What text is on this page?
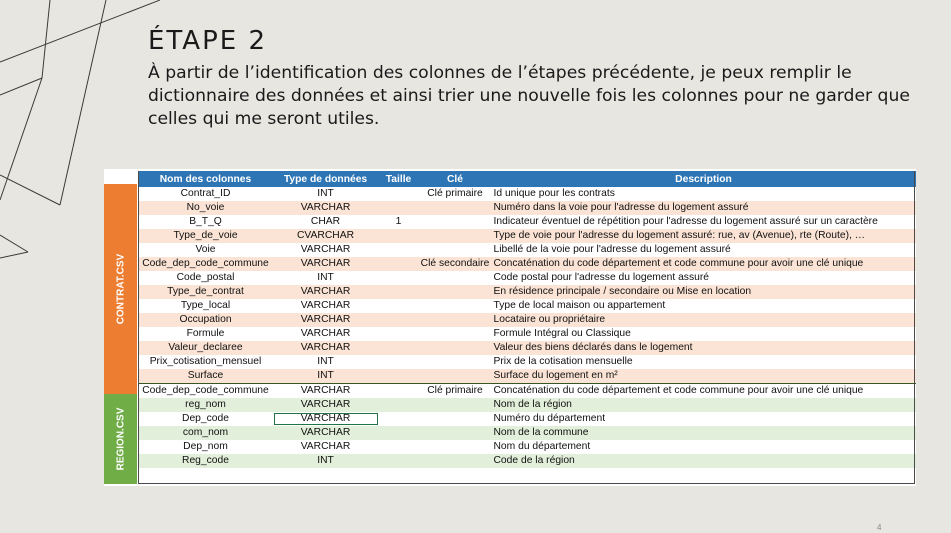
ÉTAPE 2

À partir de l’identification des colonnes de l’étapes précédente, je peux remplir le dictionnaire des données et ainsi trier une nouvelle fois les colonnes pour ne garder que celles qui me seront utiles.

CONTRAT.CSV
REGION.CSV
Nom des colonnes	Type de données	Taille	Clé	Description
Contrat_ID	INT		Clé primaire	Id unique pour les contrats
No_voie	VARCHAR			Numéro dans la voie pour l'adresse du logement assuré
B_T_Q	CHAR	1		Indicateur éventuel de répétition pour l'adresse du logement assuré sur un caractère
Type_de_voie	CVARCHAR			Type de voie pour l'adresse du logement assuré: rue, av (Avenue), rte (Route), …
Voie	VARCHAR			Libellé de la voie pour l'adresse du logement assuré
Code_dep_code_commune	VARCHAR		Clé secondaire	Concaténation du code département et code commune pour avoir une clé unique
Code_postal	INT			Code postal pour l'adresse du logement assuré
Type_de_contrat	VARCHAR			En résidence principale / secondaire ou Mise en location
Type_local	VARCHAR			Type de local maison ou appartement
Occupation	VARCHAR			Locataire ou propriétaire
Formule	VARCHAR			Formule Intégral ou Classique
Valeur_declaree	VARCHAR			Valeur des biens déclarés dans le logement
Prix_cotisation_mensuel	INT			Prix de la cotisation mensuelle
Surface	INT			Surface du logement en m²
Code_dep_code_commune	VARCHAR		Clé primaire	Concaténation du code département et code commune pour avoir une clé unique
reg_nom	VARCHAR			Nom de la région
Dep_code	VARCHAR			Numéro du département
com_nom	VARCHAR			Nom de la commune
Dep_nom	VARCHAR			Nom du département
Reg_code	INT			Code de la région
4
